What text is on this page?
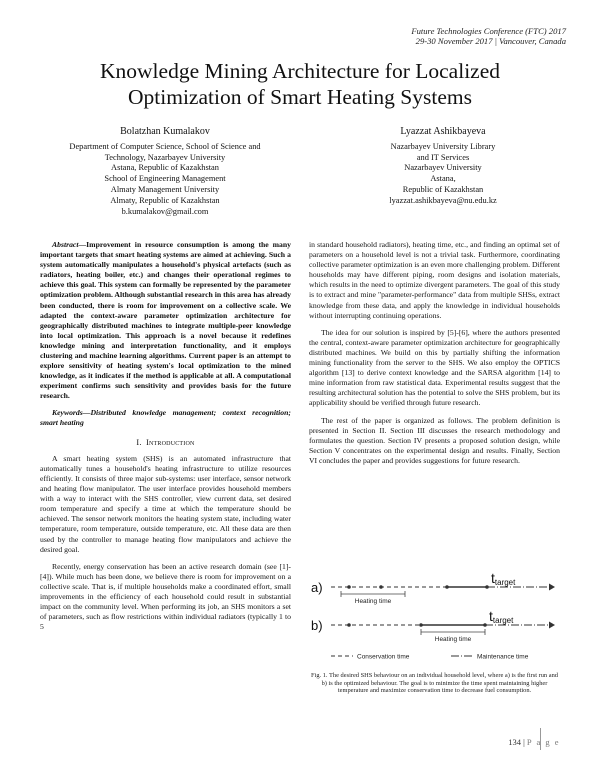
Future Technologies Conference (FTC) 2017
29-30 November 2017 | Vancouver, Canada
Knowledge Mining Architecture for Localized
Optimization of Smart Heating Systems
Bolatzhan Kumalakov
Department of Computer Science, School of Science and
Technology, Nazarbayev University
Astana, Republic of Kazakhstan
School of Engineering Management
Almaty Management University
Almaty, Republic of Kazakhstan
b.kumalakov@gmail.com
Lyazzat Ashikbayeva
Nazarbayev University Library
and IT Services
Nazarbayev University
Astana,
Republic of Kazakhstan
lyazzat.ashikbayeva@nu.edu.kz
Abstract—Improvement in resource consumption is among the many important targets that smart heating systems are aimed at achieving. Such a system automatically manipulates a household's physical artefacts (such as radiators, heating boiler, etc.) and changes their operational regimes to achieve this goal. This system can formally be represented by the parameter optimization problem. Although substantial research in this area has already been conducted, there is room for improvement on a collective scale. We adapted the context-aware parameter optimization architecture for geographically distributed machines to integrate multiple-peer knowledge into local optimization. This approach is a novel because it redefines knowledge mining and interpretation functionality, and it employs clustering and machine learning algorithms. Current paper is an attempt to explore sensitivity of heating system's local optimization to the mined knowledge, as it indicates if the method is applicable at all. A computational experiment confirms such sensitivity and provides basis for the future research.
Keywords—Distributed knowledge management; context recognition; smart heating
I. Introduction

A smart heating system (SHS) is an automated infrastructure that automatically tunes a household's heating infrastructure to utilize resources efficiently. It consists of three major sub-systems: user interface, sensor network and heating flow manipulator. The user interface provides household members with a way to interact with the SHS controller, view current data, set desired room temperature and specify a time at which the temperature should be achieved. The sensor network monitors the heating system state, including water temperature, room temperature, outside temperature, etc. All these data are then used by the controller to manage heating flow manipulators and achieve the desired goal.

Recently, energy conservation has been an active research domain (see [1]-[4]). While much has been done, we believe there is room for improvement on a collective scale. That is, if multiple households make a coordinated effort, small improvements in the efficiency of each household could result in substantial impact on the community level. When performing its job, an SHS monitors a set of parameters, such as flow restrictions within individual radiators (typically 1 to 5

in standard household radiators), heating time, etc., and finding an optimal set of parameters on a household level is not a trivial task. Furthermore, coordinating collective parameter optimization is an even more challenging problem. Different households may have different piping, room designs and isolation materials, which results in the need to optimize divergent parameters. The goal of this study is to extract and mine "parameter-performance" data from multiple SHSs, extract knowledge from these data, and apply the knowledge in individual households without interrupting continuing operations.

The idea for our solution is inspired by [5]-[6], where the authors presented the central, context-aware parameter optimization architecture for geographically distributed machines. We build on this by partially shifting the information mining functionality from the server to the SHS. We also employ the OPTICS algorithm [13] to derive context knowledge and the SARSA algorithm [14] to mine information from raw statistical data. Experimental results suggest that the resulting architectural solution has the potential to solve the SHS problem, but its applicability should be verified through future research.

The rest of the paper is organized as follows. The problem definition is presented in Section II. Section III discusses the research methodology and formulates the question. Section IV presents a proposed solution design, while Section V concentrates on the experimental design and results. Finally, Section VI concludes the paper and provides suggestions for future research.

a)
ttarget
Heating time
b)
ttarget
Heating time
Conservation time	Maintenance time
Fig. 1. The desired SHS behaviour on an individual household level, where a) is the first run and b) is the optimized behaviour. The goal is to minimize the time spent maintaining higher temperature and maximize conservation time to decrease fuel consumption.
134 | P a g e
